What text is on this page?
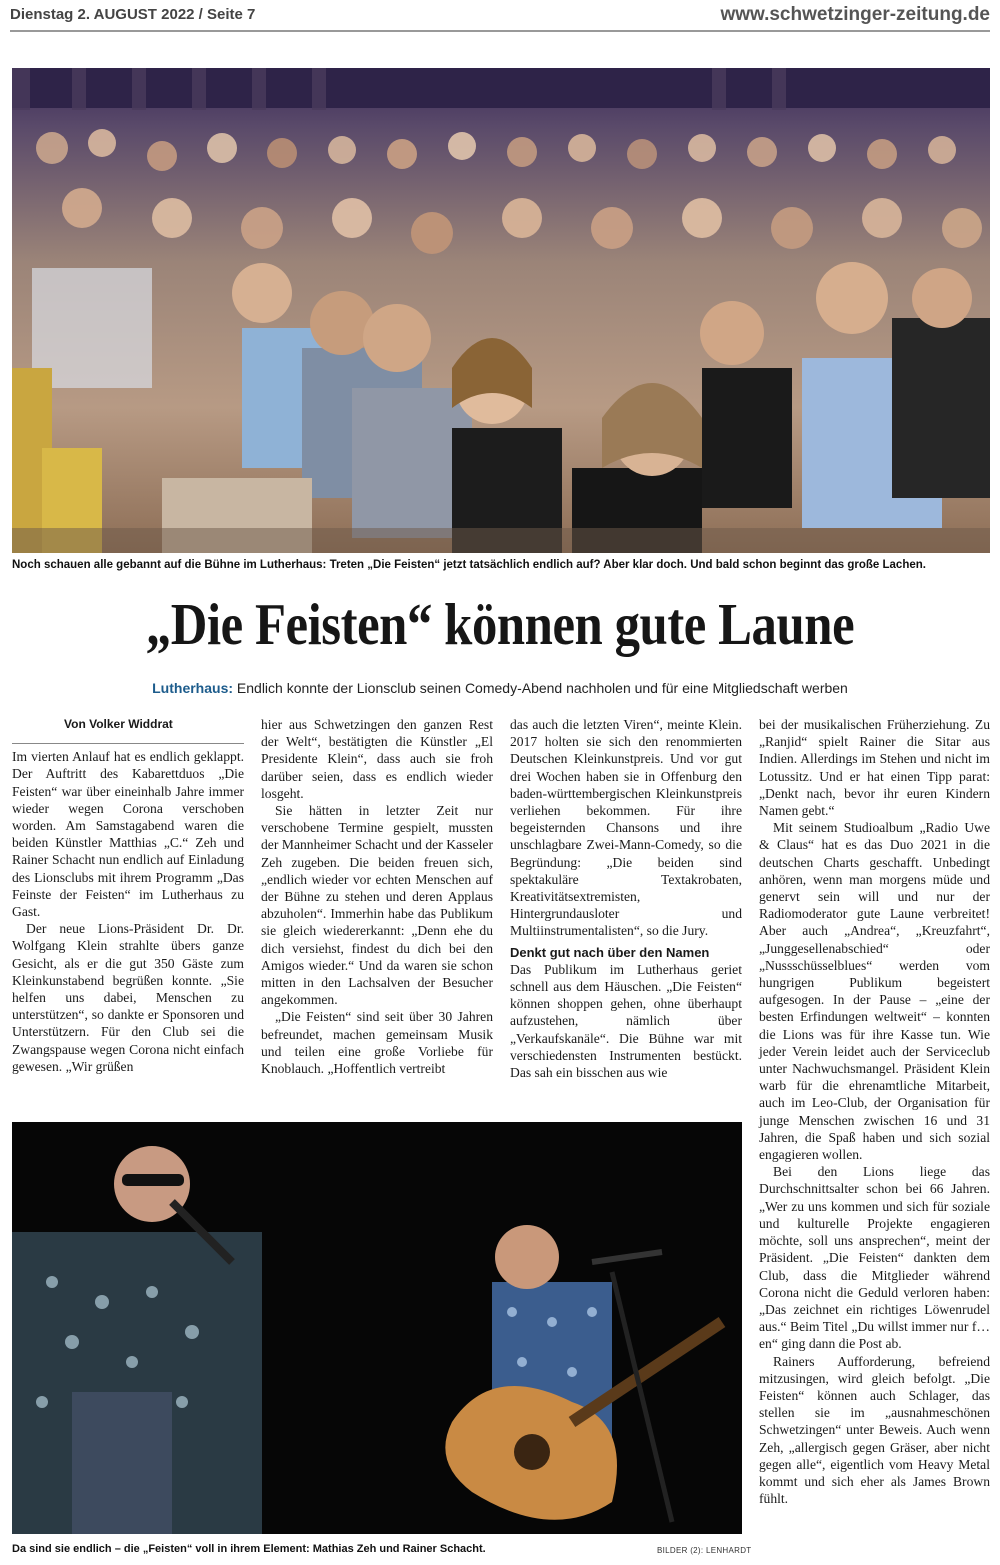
Dienstag 2. AUGUST 2022 / Seite 7	www.schwetzinger-zeitung.de
Noch schauen alle gebannt auf die Bühne im Lutherhaus: Treten „Die Feisten“ jetzt tatsächlich endlich auf? Aber klar doch. Und bald schon beginnt das große Lachen.
„Die Feisten“ können gute Laune
Lutherhaus: Endlich konnte der Lionsclub seinen Comedy-Abend nachholen und für eine Mitgliedschaft werben
Von Volker Widdrat

Im vierten Anlauf hat es endlich geklappt. Der Auftritt des Kabarettduos „Die Feisten“ war über eineinhalb Jahre immer wieder wegen Corona verschoben worden. Am Samstagabend waren die beiden Künstler Matthias „C.“ Zeh und Rainer Schacht nun endlich auf Einladung des Lionsclubs mit ihrem Programm „Das Feinste der Feisten“ im Lutherhaus zu Gast.

Der neue Lions-Präsident Dr. Dr. Wolfgang Klein strahlte übers ganze Gesicht, als er die gut 350 Gäste zum Kleinkunstabend begrüßen konnte. „Sie helfen uns dabei, Menschen zu unterstützen“, so dankte er Sponsoren und Unterstützern. Für den Club sei die Zwangspause wegen Corona nicht einfach gewesen. „Wir grüßen

hier aus Schwetzingen den ganzen Rest der Welt“, bestätigten die Künstler „El Presidente Klein“, dass auch sie froh darüber seien, dass es endlich wieder losgeht.

Sie hätten in letzter Zeit nur verschobene Termine gespielt, mussten der Mannheimer Schacht und der Kasseler Zeh zugeben. Die beiden freuen sich, „endlich wieder vor echten Menschen auf der Bühne zu stehen und deren Applaus abzuholen“. Immerhin habe das Publikum sie gleich wiedererkannt: „Denn ehe du dich versiehst, findest du dich bei den Amigos wieder.“ Und da waren sie schon mitten in den Lachsalven der Besucher angekommen.

„Die Feisten“ sind seit über 30 Jahren befreundet, machen gemeinsam Musik und teilen eine große Vorliebe für Knoblauch. „Hoffentlich vertreibt

das auch die letzten Viren“, meinte Klein. 2017 holten sie sich den renommierten Deutschen Kleinkunstpreis. Und vor gut drei Wochen haben sie in Offenburg den baden-württembergischen Kleinkunstpreis verliehen bekommen. Für ihre begeisternden Chansons und ihre unschlagbare Zwei-Mann-Comedy, so die Begründung: „Die beiden sind spektakuläre Textakrobaten, Kreativitätsextremisten, Hintergrundausloter und Multiinstrumentalisten“, so die Jury.

Denkt gut nach über den Namen

Das Publikum im Lutherhaus geriet schnell aus dem Häuschen. „Die Feisten“ können shoppen gehen, ohne überhaupt aufzustehen, nämlich über „Verkaufskanäle“. Die Bühne war mit verschiedensten Instrumenten bestückt. Das sah ein bisschen aus wie

bei der musikalischen Früherziehung. Zu „Ranjid“ spielt Rainer die Sitar aus Indien. Allerdings im Stehen und nicht im Lotussitz. Und er hat einen Tipp parat: „Denkt nach, bevor ihr euren Kindern Namen gebt.“

Mit seinem Studioalbum „Radio Uwe & Claus“ hat es das Duo 2021 in die deutschen Charts geschafft. Unbedingt anhören, wenn man morgens müde und genervt sein will und nur der Radiomoderator gute Laune verbreitet! Aber auch „Andrea“, „Kreuzfahrt“, „Junggesellenabschied“ oder „Nussschüsselblues“ werden vom hungrigen Publikum begeistert aufgesogen. In der Pause – „eine der besten Erfindungen weltweit“ – konnten die Lions was für ihre Kasse tun. Wie jeder Verein leidet auch der Serviceclub unter Nachwuchsmangel. Präsident Klein warb für die ehrenamtliche Mitarbeit, auch im Leo-Club, der Organisation für junge Menschen zwischen 16 und 31 Jahren, die Spaß haben und sich sozial engagieren wollen.

Bei den Lions liege das Durchschnittsalter schon bei 66 Jahren. „Wer zu uns kommen und sich für soziale und kulturelle Projekte engagieren möchte, soll uns ansprechen“, meint der Präsident. „Die Feisten“ dankten dem Club, dass die Mitglieder während Corona nicht die Geduld verloren haben: „Das zeichnet ein richtiges Löwenrudel aus.“ Beim Titel „Du willst immer nur f…en“ ging dann die Post ab.

Rainers Aufforderung, befreiend mitzusingen, wird gleich befolgt. „Die Feisten“ können auch Schlager, das stellen sie im „ausnahmeschönen Schwetzingen“ unter Beweis. Auch wenn Zeh, „allergisch gegen Gräser, aber nicht gegen alle“, eigentlich vom Heavy Metal kommt und sich eher als James Brown fühlt.

Da sind sie endlich – die „Feisten“ voll in ihrem Element: Mathias Zeh und Rainer Schacht.	BILDER (2): LENHARDT
